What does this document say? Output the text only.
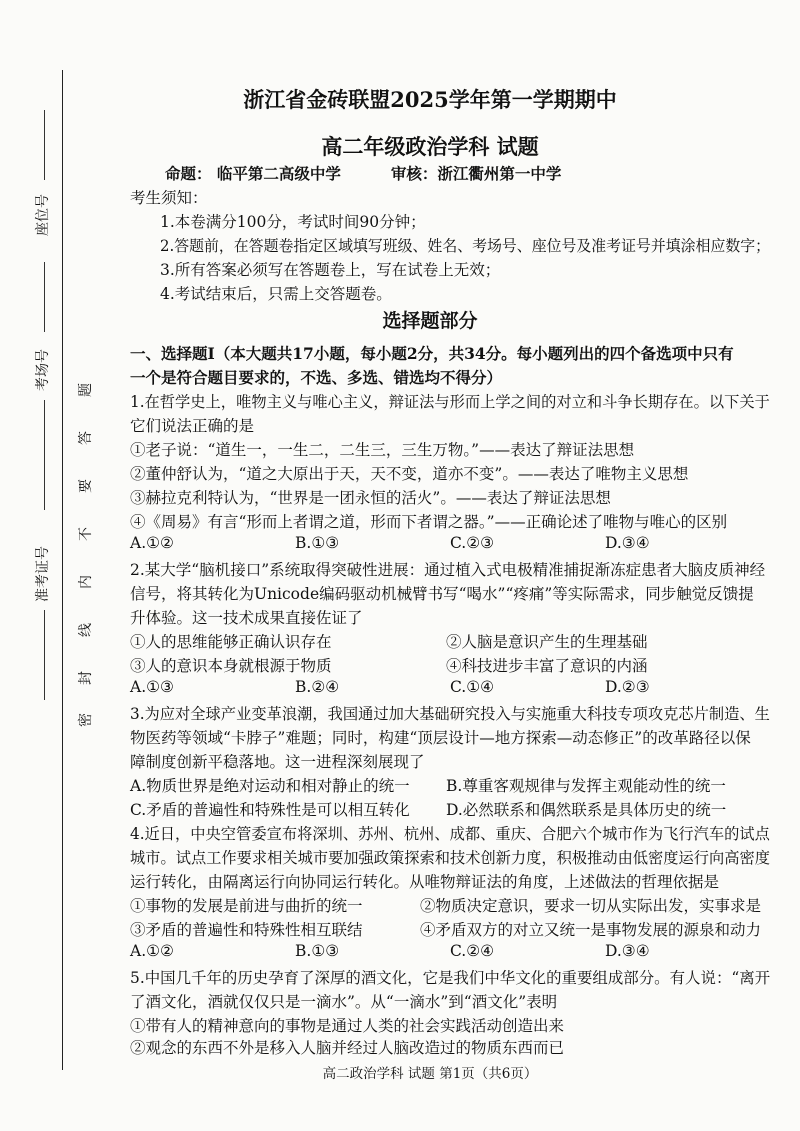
座位号
考场号
准考证号
题
答
要
不
内
线
封
密
浙江省金砖联盟2025学年第一学期期中
高二年级政治学科 试题
命题： 临平第二高级中学	审核：浙江衢州第一中学
考生须知：
1.本卷满分100分，考试时间90分钟；
2.答题前，在答题卷指定区域填写班级、姓名、考场号、座位号及准考证号并填涂相应数字；
3.所有答案必须写在答题卷上，写在试卷上无效；
4.考试结束后，只需上交答题卷。
选择题部分
一、选择题Ⅰ（本大题共17小题，每小题2分，共34分。每小题列出的四个备选项中只有
一个是符合题目要求的，不选、多选、错选均不得分）
1.在哲学史上，唯物主义与唯心主义，辩证法与形而上学之间的对立和斗争长期存在。以下关于
它们说法正确的是
①老子说：“道生一，一生二，二生三，三生万物。”——表达了辩证法思想
②董仲舒认为，“道之大原出于天，天不变，道亦不变”。——表达了唯物主义思想
③赫拉克利特认为，“世界是一团永恒的活火”。——表达了辩证法思想
④《周易》有言“形而上者谓之道，形而下者谓之器。”——正确论述了唯物与唯心的区别
A.①②	B.①③	C.②③	D.③④
2.某大学“脑机接口”系统取得突破性进展：通过植入式电极精准捕捉渐冻症患者大脑皮质神经
信号，将其转化为Unicode编码驱动机械臂书写“喝水”“疼痛”等实际需求，同步触觉反馈提
升体验。这一技术成果直接佐证了
①人的思维能够正确认识存在	②人脑是意识产生的生理基础
③人的意识本身就根源于物质	④科技进步丰富了意识的内涵
A.①③	B.②④	C.①④	D.②③
3.为应对全球产业变革浪潮，我国通过加大基础研究投入与实施重大科技专项攻克芯片制造、生
物医药等领域“卡脖子”难题；同时，构建“顶层设计—地方探索—动态修正”的改革路径以保
障制度创新平稳落地。这一进程深刻展现了
A.物质世界是绝对运动和相对静止的统一 B.尊重客观规律与发挥主观能动性的统一
C.矛盾的普遍性和特殊性是可以相互转化 D.必然联系和偶然联系是具体历史的统一
4.近日，中央空管委宣布将深圳、苏州、杭州、成都、重庆、合肥六个城市作为飞行汽车的试点
城市。试点工作要求相关城市要加强政策探索和技术创新力度，积极推动由低密度运行向高密度
运行转化，由隔离运行向协同运行转化。从唯物辩证法的角度，上述做法的哲理依据是
①事物的发展是前进与曲折的统一	②物质决定意识，要求一切从实际出发，实事求是
③矛盾的普遍性和特殊性相互联结	④矛盾双方的对立又统一是事物发展的源泉和动力
A.①②	B.①③	C.②④	D.③④
5.中国几千年的历史孕育了深厚的酒文化，它是我们中华文化的重要组成部分。有人说：“离开
了酒文化，酒就仅仅只是一滴水”。从“一滴水”到“酒文化”表明
①带有人的精神意向的事物是通过人类的社会实践活动创造出来
②观念的东西不外是移入人脑并经过人脑改造过的物质东西而已
高二政治学科 试题 第1页（共6页）
